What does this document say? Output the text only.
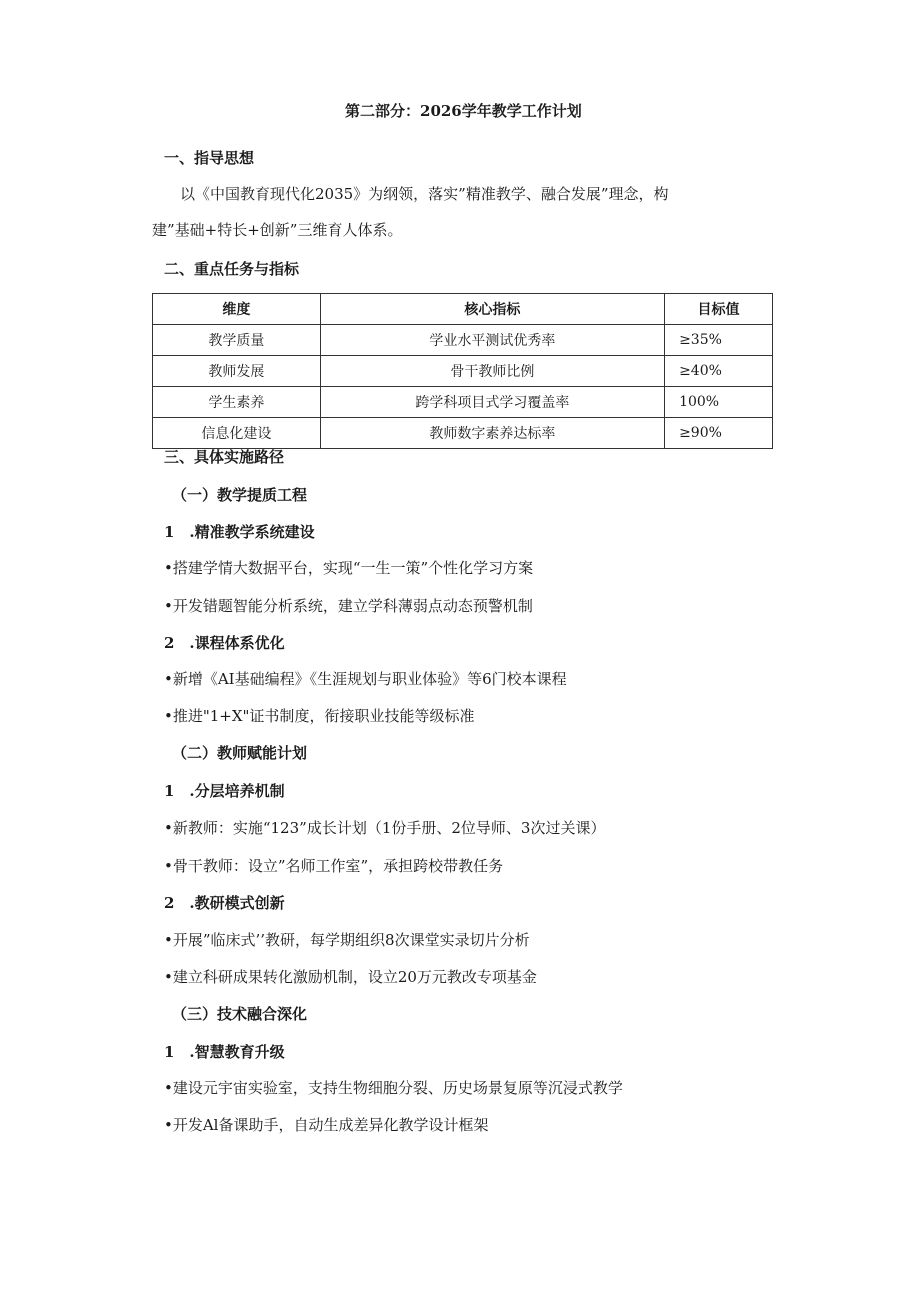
第二部分：2026学年教学工作计划
一、指导思想
以《中国教育现代化2035》为纲领，落实”精准教学、融合发展”理念，构
建”基础+特长+创新”三维育人体系。
二、重点任务与指标
维度	核心指标	目标值
教学质量	学业水平测试优秀率	≥35%
教师发展	骨干教师比例	≥40%
学生素养	跨学科项目式学习覆盖率	100%
信息化建设	教师数字素养达标率	≥90%
三、具体实施路径
（一）教学提质工程
1　.精准教学系统建设
•搭建学情大数据平台，实现“一生一策”个性化学习方案
•开发错题智能分析系统，建立学科薄弱点动态预警机制
2　.课程体系优化
•新增《AI基础编程》《生涯规划与职业体验》等6门校本课程
•推进"1+X"证书制度，衔接职业技能等级标准
（二）教师赋能计划
1　.分层培养机制
•新教师：实施“123”成长计划（1份手册、2位导师、3次过关课）
•骨干教师：设立”名师工作室”，承担跨校带教任务
2　.教研模式创新
•开展”临床式’’教研，每学期组织8次课堂实录切片分析
•建立科研成果转化激励机制，设立20万元教改专项基金
（三）技术融合深化
1　.智慧教育升级
•建设元宇宙实验室，支持生物细胞分裂、历史场景复原等沉浸式教学
•开发Al备课助手，自动生成差异化教学设计框架
